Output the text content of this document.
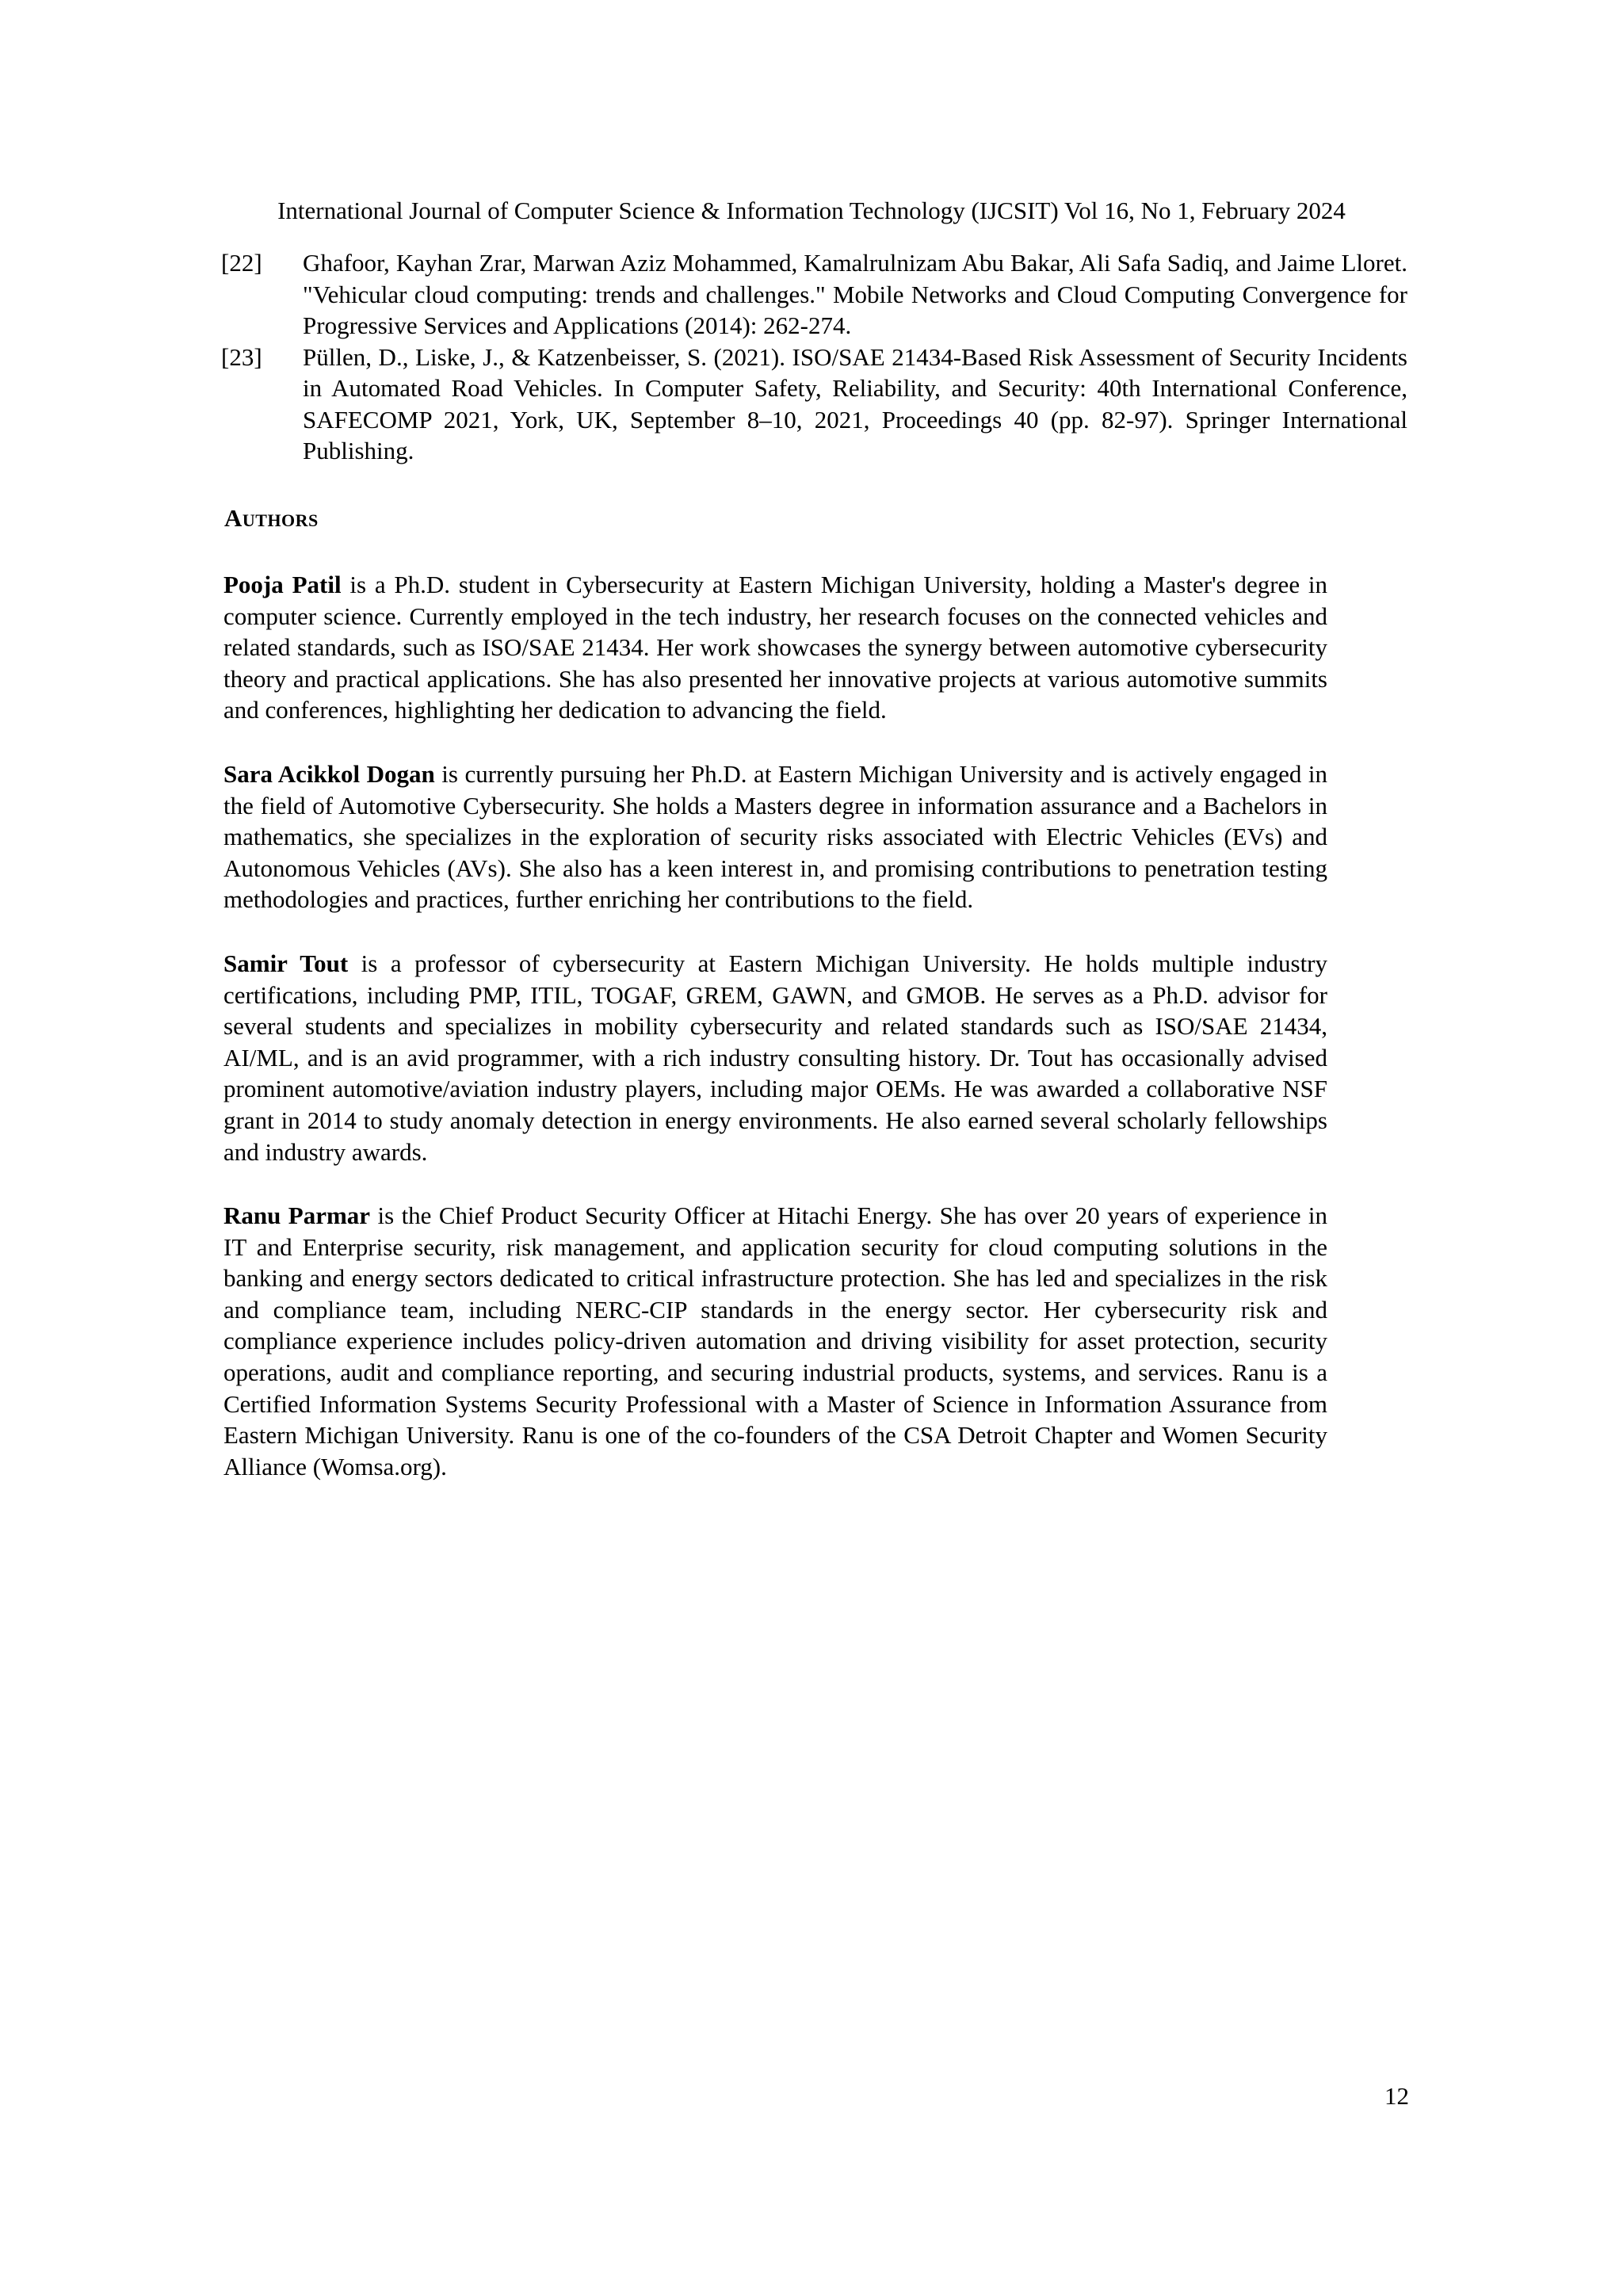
International Journal of Computer Science & Information Technology (IJCSIT) Vol 16, No 1, February 2024
[22]	Ghafoor, Kayhan Zrar, Marwan Aziz Mohammed, Kamalrulnizam Abu Bakar, Ali Safa Sadiq, and Jaime Lloret. "Vehicular cloud computing: trends and challenges." Mobile Networks and Cloud Computing Convergence for Progressive Services and Applications (2014): 262-274.
[23]	Püllen, D., Liske, J., & Katzenbeisser, S. (2021). ISO/SAE 21434-Based Risk Assessment of Security Incidents in Automated Road Vehicles. In Computer Safety, Reliability, and Security: 40th International Conference, SAFECOMP 2021, York, UK, September 8–10, 2021, Proceedings 40 (pp. 82-97). Springer International Publishing.
Authors

Pooja Patil is a Ph.D. student in Cybersecurity at Eastern Michigan University, holding a Master's degree in computer science. Currently employed in the tech industry, her research focuses on the connected vehicles and related standards, such as ISO/SAE 21434. Her work showcases the synergy between automotive cybersecurity theory and practical applications. She has also presented her innovative projects at various automotive summits and conferences, highlighting her dedication to advancing the field.

Sara Acikkol Dogan is currently pursuing her Ph.D. at Eastern Michigan University and is actively engaged in the field of Automotive Cybersecurity. She holds a Masters degree in information assurance and a Bachelors in mathematics, she specializes in the exploration of security risks associated with Electric Vehicles (EVs) and Autonomous Vehicles (AVs). She also has a keen interest in, and promising contributions to penetration testing methodologies and practices, further enriching her contributions to the field.

Samir Tout is a professor of cybersecurity at Eastern Michigan University. He holds multiple industry certifications, including PMP, ITIL, TOGAF, GREM, GAWN, and GMOB. He serves as a Ph.D. advisor for several students and specializes in mobility cybersecurity and related standards such as ISO/SAE 21434, AI/ML, and is an avid programmer, with a rich industry consulting history. Dr. Tout has occasionally advised prominent automotive/aviation industry players, including major OEMs. He was awarded a collaborative NSF grant in 2014 to study anomaly detection in energy environments. He also earned several scholarly fellowships and industry awards.

Ranu Parmar is the Chief Product Security Officer at Hitachi Energy. She has over 20 years of experience in IT and Enterprise security, risk management, and application security for cloud computing solutions in the banking and energy sectors dedicated to critical infrastructure protection. She has led and specializes in the risk and compliance team, including NERC-CIP standards in the energy sector. Her cybersecurity risk and compliance experience includes policy-driven automation and driving visibility for asset protection, security operations, audit and compliance reporting, and securing industrial products, systems, and services. Ranu is a Certified Information Systems Security Professional with a Master of Science in Information Assurance from Eastern Michigan University. Ranu is one of the co-founders of the CSA Detroit Chapter and Women Security Alliance (Womsa.org).

12
